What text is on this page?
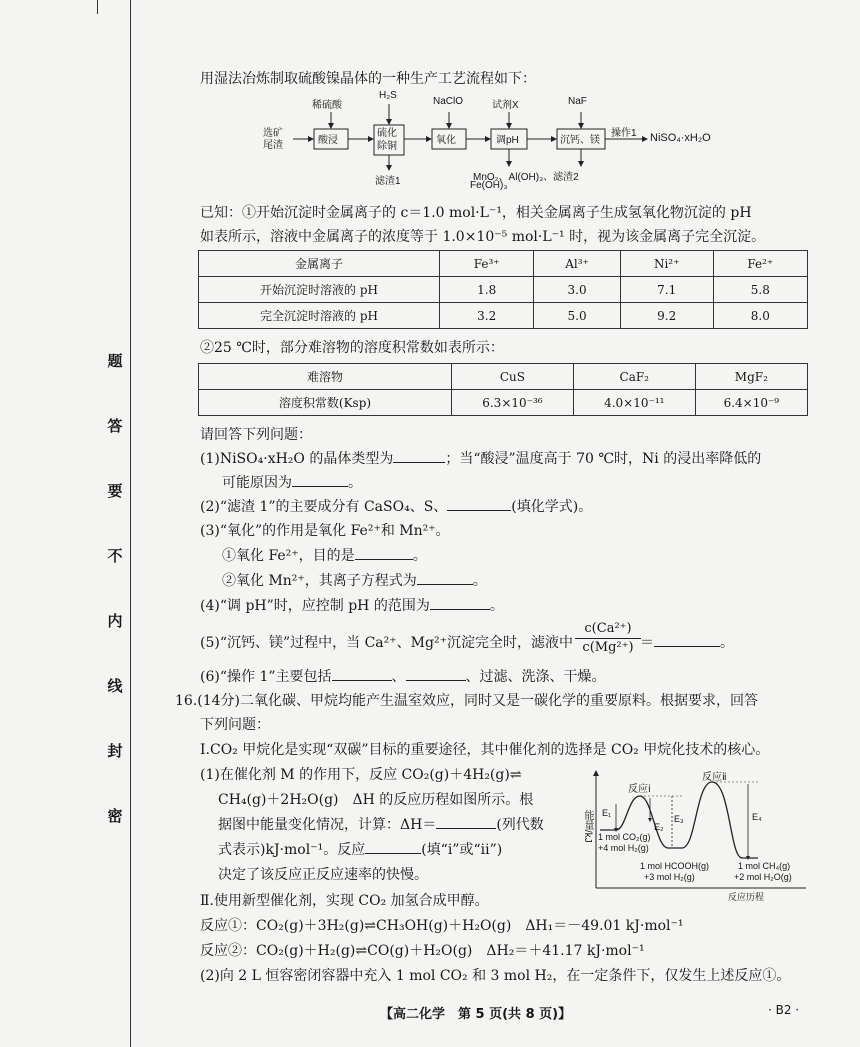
题
答
要
不
内
线
封
密
用湿法冶炼制取硫酸镍晶体的一种生产工艺流程如下：
选矿
尾渣
稀硫酸
H₂S
NaClO	试剂X	NaF
酸浸
硫化
除铜
氧化	调pH	沉钙、镁
操作1 NiSO₄·xH₂O
滤渣1	MnO₂、Al(OH)₃、滤渣2
Fe(OH)₃
已知：①开始沉淀时金属离子的 c＝1.0 mol·L⁻¹，相关金属离子生成氢氧化物沉淀的 pH
如表所示，溶液中金属离子的浓度等于 1.0×10⁻⁵ mol·L⁻¹ 时，视为该金属离子完全沉淀。
金属离子	Fe³⁺	Al³⁺	Ni²⁺	Fe²⁺
开始沉淀时溶液的 pH	1.8	3.0	7.1	5.8
完全沉淀时溶液的 pH	3.2	5.0	9.2	8.0
②25 ℃时，部分难溶物的溶度积常数如表所示：
难溶物	CuS	CaF₂	MgF₂
溶度积常数(Ksp)	6.3×10⁻³⁶	4.0×10⁻¹¹	6.4×10⁻⁹
请回答下列问题：
(1)NiSO₄·xH₂O 的晶体类型为	；当“酸浸”温度高于 70 ℃时，Ni 的浸出率降低的
可能原因为	。
(2)“滤渣 1”的主要成分有 CaSO₄、S、	(填化学式)。
(3)“氧化”的作用是氧化 Fe²⁺和 Mn²⁺。
①氧化 Fe²⁺，目的是	。
②氧化 Mn²⁺，其离子方程式为	。
(4)“调 pH”时，应控制 pH 的范围为	。
(5)“沉钙、镁”过程中，当 Ca²⁺、Mg²⁺沉淀完全时，滤液中 $\frac{\text{c(Ca²⁺)}}{\text{c(Mg²⁺)}}$ ＝	。
(6)“操作 1”主要包括	、	、过滤、洗涤、干燥。
16.(14分)二氧化碳、甲烷均能产生温室效应，同时又是一碳化学的重要原料。根据要求，回答
下列问题：
Ⅰ.CO₂ 甲烷化是实现“双碳”目标的重要途径，其中催化剂的选择是 CO₂ 甲烷化技术的核心。
(1)在催化剂 M 的作用下，反应 CO₂(g)＋4H₂(g)⇌
CH₄(g)＋2H₂O(g)　ΔH 的反应历程如图所示。根
据图中能量变化情况，计算：ΔH＝	(列代数
式表示)kJ·mol⁻¹。反应	(填“ⅰ”或“ⅱ”)
决定了该反应正反应速率的快慢。
能量/kJ
反应ⅰ
反应ⅱ
E₁
E₃
E₂
E₄
1 mol CO₂(g)
+4 mol H₂(g)
1 mol HCOOH(g)
+3 mol H₂(g)
1 mol CH₄(g)
+2 mol H₂O(g)
反应历程
Ⅱ.使用新型催化剂，实现 CO₂ 加氢合成甲醇。
反应①：CO₂(g)＋3H₂(g)⇌CH₃OH(g)＋H₂O(g)　ΔH₁＝－49.01 kJ·mol⁻¹
反应②：CO₂(g)＋H₂(g)⇌CO(g)＋H₂O(g)　ΔH₂＝＋41.17 kJ·mol⁻¹
(2)向 2 L 恒容密闭容器中充入 1 mol CO₂ 和 3 mol H₂，在一定条件下，仅发生上述反应①。
【高二化学　第 5 页(共 8 页)】	· B2 ·
